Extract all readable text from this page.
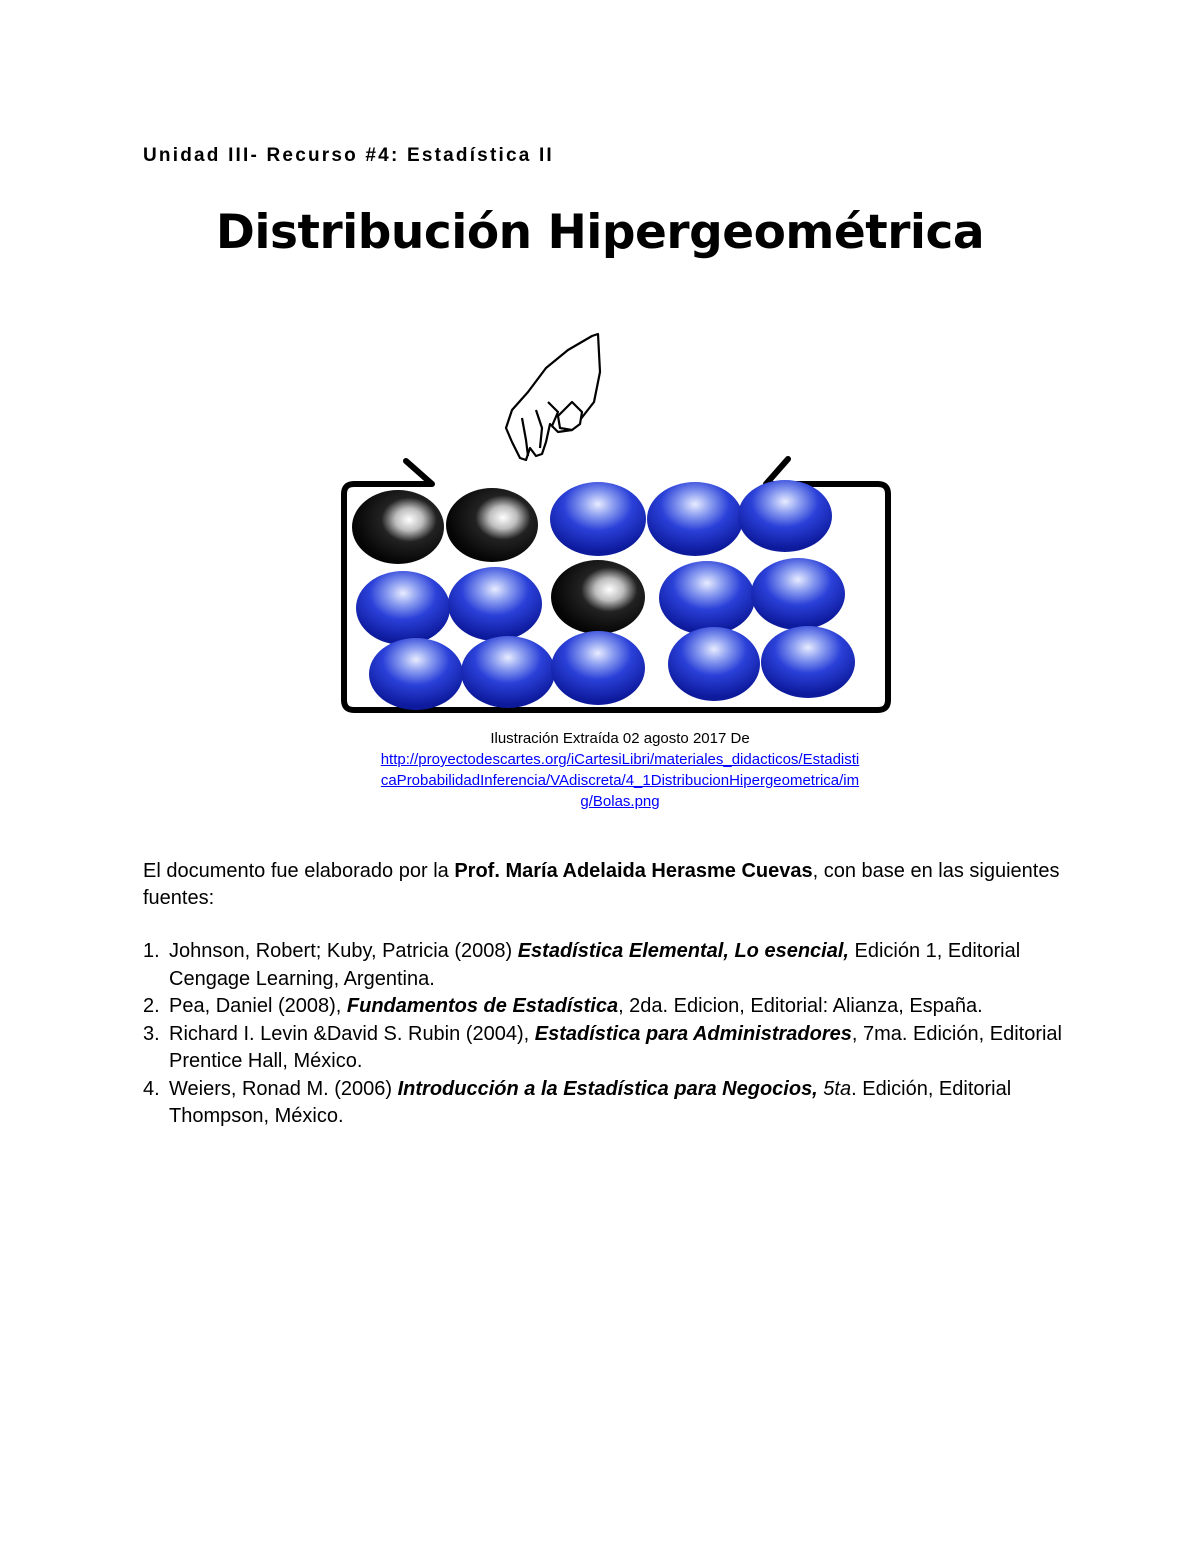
Unidad III- Recurso #4: Estadística II
Distribución Hipergeométrica
Ilustración Extraída 02 agosto 2017 De
http://proyectodescartes.org/iCartesiLibri/materiales_didacticos/Estadisti
caProbabilidadInferencia/VAdiscreta/4_1DistribucionHipergeometrica/im
g/Bolas.png
El documento fue elaborado por la Prof. María Adelaida Herasme Cuevas, con base en las siguientes fuentes:
1. Johnson, Robert; Kuby, Patricia (2008) Estadística Elemental, Lo esencial, Edición 1, Editorial Cengage Learning, Argentina.
2. Pea, Daniel (2008), Fundamentos de Estadística, 2da. Edicion, Editorial: Alianza, España.
3. Richard I. Levin &David S. Rubin (2004), Estadística para Administradores, 7ma. Edición, Editorial Prentice Hall, México.
4. Weiers, Ronad M. (2006) Introducción a la Estadística para Negocios, 5ta. Edición, Editorial Thompson, México.
